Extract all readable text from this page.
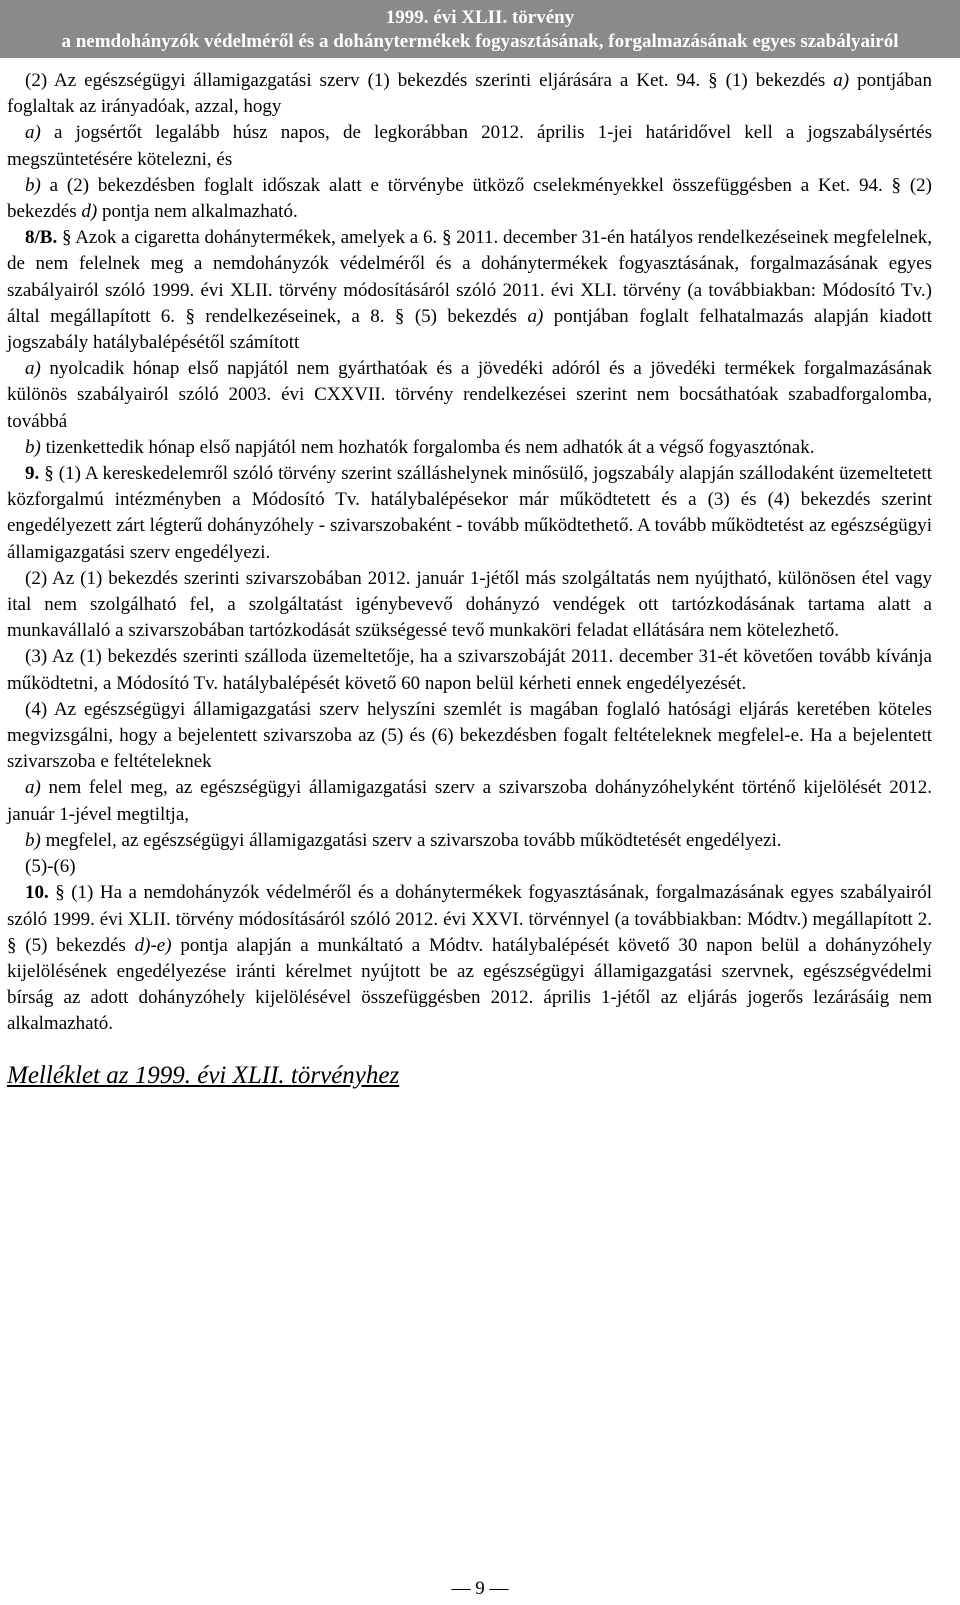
1999. évi XLII. törvény
a nemdohányzók védelméről és a dohánytermékek fogyasztásának, forgalmazásának egyes szabályairól

(2) Az egészségügyi államigazgatási szerv (1) bekezdés szerinti eljárására a Ket. 94. § (1) bekezdés a) pontjában foglaltak az irányadóak, azzal, hogy

a) a jogsértőt legalább húsz napos, de legkorábban 2012. április 1-jei határidővel kell a jogszabálysértés megszüntetésére kötelezni, és

b) a (2) bekezdésben foglalt időszak alatt e törvénybe ütköző cselekményekkel összefüggésben a Ket. 94. § (2) bekezdés d) pontja nem alkalmazható.

8/B. § Azok a cigaretta dohánytermékek, amelyek a 6. § 2011. december 31-én hatályos rendelkezéseinek megfelelnek, de nem felelnek meg a nemdohányzók védelméről és a dohánytermékek fogyasztásának, forgalmazásának egyes szabályairól szóló 1999. évi XLII. törvény módosításáról szóló 2011. évi XLI. törvény (a továbbiakban: Módosító Tv.) által megállapított 6. § rendelkezéseinek, a 8. § (5) bekezdés a) pontjában foglalt felhatalmazás alapján kiadott jogszabály hatálybalépésétől számított

a) nyolcadik hónap első napjától nem gyárthatóak és a jövedéki adóról és a jövedéki termékek forgalmazásának különös szabályairól szóló 2003. évi CXXVII. törvény rendelkezései szerint nem bocsáthatóak szabadforgalomba, továbbá

b) tizenkettedik hónap első napjától nem hozhatók forgalomba és nem adhatók át a végső fogyasztónak.

9. § (1) A kereskedelemről szóló törvény szerint szálláshelynek minősülő, jogszabály alapján szállodaként üzemeltetett közforgalmú intézményben a Módosító Tv. hatálybalépésekor már működtetett és a (3) és (4) bekezdés szerint engedélyezett zárt légterű dohányzóhely - szivarszobaként - tovább működtethető. A tovább működtetést az egészségügyi államigazgatási szerv engedélyezi.

(2) Az (1) bekezdés szerinti szivarszobában 2012. január 1-jétől más szolgáltatás nem nyújtható, különösen étel vagy ital nem szolgálható fel, a szolgáltatást igénybevevő dohányzó vendégek ott tartózkodásának tartama alatt a munkavállaló a szivarszobában tartózkodását szükségessé tevő munkaköri feladat ellátására nem kötelezhető.

(3) Az (1) bekezdés szerinti szálloda üzemeltetője, ha a szivarszobáját 2011. december 31-ét követően tovább kívánja működtetni, a Módosító Tv. hatálybalépését követő 60 napon belül kérheti ennek engedélyezését.

(4) Az egészségügyi államigazgatási szerv helyszíni szemlét is magában foglaló hatósági eljárás keretében köteles megvizsgálni, hogy a bejelentett szivarszoba az (5) és (6) bekezdésben fogalt feltételeknek megfelel-e. Ha a bejelentett szivarszoba e feltételeknek

a) nem felel meg, az egészségügyi államigazgatási szerv a szivarszoba dohányzóhelyként történő kijelölését 2012. január 1-jével megtiltja,

b) megfelel, az egészségügyi államigazgatási szerv a szivarszoba tovább működtetését engedélyezi.

(5)-(6)

10. § (1) Ha a nemdohányzók védelméről és a dohánytermékek fogyasztásának, forgalmazásának egyes szabályairól szóló 1999. évi XLII. törvény módosításáról szóló 2012. évi XXVI. törvénnyel (a továbbiakban: Módtv.) megállapított 2. § (5) bekezdés d)-e) pontja alapján a munkáltató a Módtv. hatálybalépését követő 30 napon belül a dohányzóhely kijelölésének engedélyezése iránti kérelmet nyújtott be az egészségügyi államigazgatási szervnek, egészségvédelmi bírság az adott dohányzóhely kijelölésével összefüggésben 2012. április 1-jétől az eljárás jogerős lezárásáig nem alkalmazható.

Melléklet az 1999. évi XLII. törvényhez
— 9 —
